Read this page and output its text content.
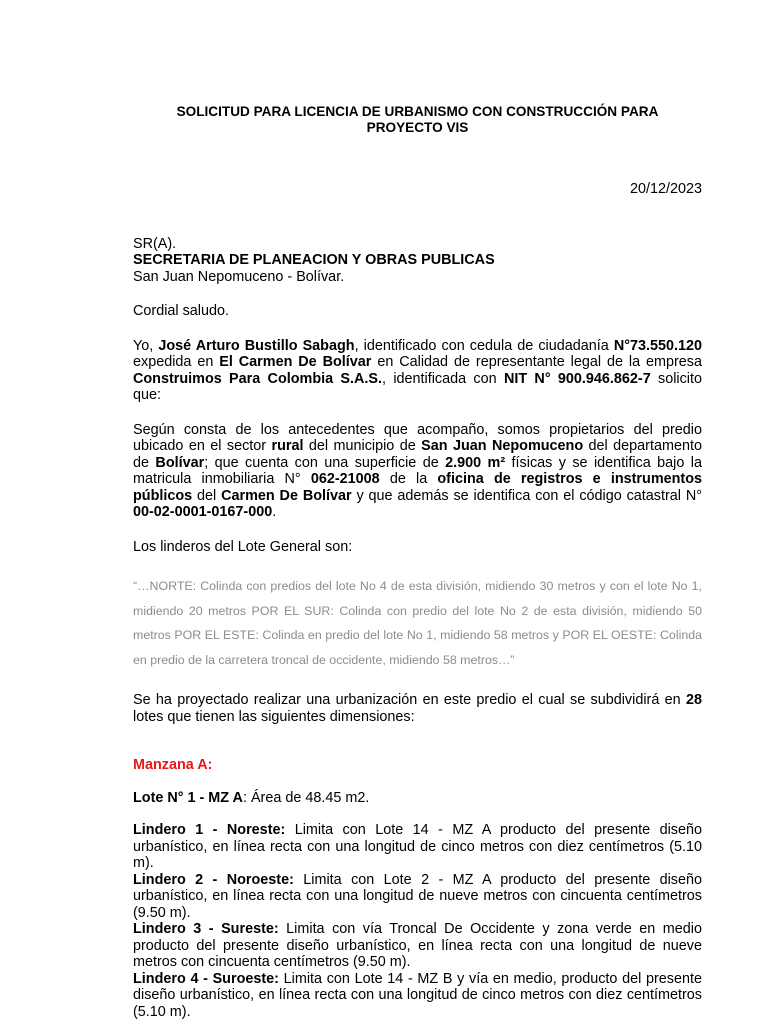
SOLICITUD PARA LICENCIA DE URBANISMO CON CONSTRUCCIÓN PARA
PROYECTO VIS
20/12/2023
SR(A).
SECRETARIA DE PLANEACION Y OBRAS PUBLICAS
San Juan Nepomuceno - Bolívar.

Cordial saludo.

Yo, José Arturo Bustillo Sabagh, identificado con cedula de ciudadanía N°73.550.120 expedida en El Carmen De Bolívar en Calidad de representante legal de la empresa Construimos Para Colombia S.A.S., identificada con NIT N° 900.946.862-7 solicito que:

Según consta de los antecedentes que acompaño, somos propietarios del predio ubicado en el sector rural del municipio de San Juan Nepomuceno del departamento de Bolívar; que cuenta con una superficie de 2.900 m² físicas y se identifica bajo la matricula inmobiliaria N° 062-21008 de la oficina de registros e instrumentos públicos del Carmen De Bolívar y que además se identifica con el código catastral N° 00-02-0001-0167-000.

Los linderos del Lote General son:

“…NORTE: Colinda con predios del lote No 4 de esta división, midiendo 30 metros y con el lote No 1, midiendo 20 metros POR EL SUR: Colinda con predio del lote No 2 de esta división, midiendo 50 metros POR EL ESTE: Colinda en predio del lote No 1, midiendo 58 metros y POR EL OESTE: Colinda en predio de la carretera troncal de occidente, midiendo 58 metros…”

Se ha proyectado realizar una urbanización en este predio el cual se subdividirá en 28 lotes que tienen las siguientes dimensiones:

Manzana A:

Lote N° 1 - MZ A: Área de 48.45 m2.

Lindero 1 - Noreste: Limita con Lote 14 - MZ A producto del presente diseño urbanístico, en línea recta con una longitud de cinco metros con diez centímetros (5.10 m).

Lindero 2 - Noroeste: Limita con Lote 2 - MZ A producto del presente diseño urbanístico, en línea recta con una longitud de nueve metros con cincuenta centímetros (9.50 m).

Lindero 3 - Sureste: Limita con vía Troncal De Occidente y zona verde en medio producto del presente diseño urbanístico, en línea recta con una longitud de nueve metros con cincuenta centímetros (9.50 m).

Lindero 4 - Suroeste: Limita con Lote 14 - MZ B y vía en medio, producto del presente diseño urbanístico, en línea recta con una longitud de cinco metros con diez centímetros (5.10 m).
